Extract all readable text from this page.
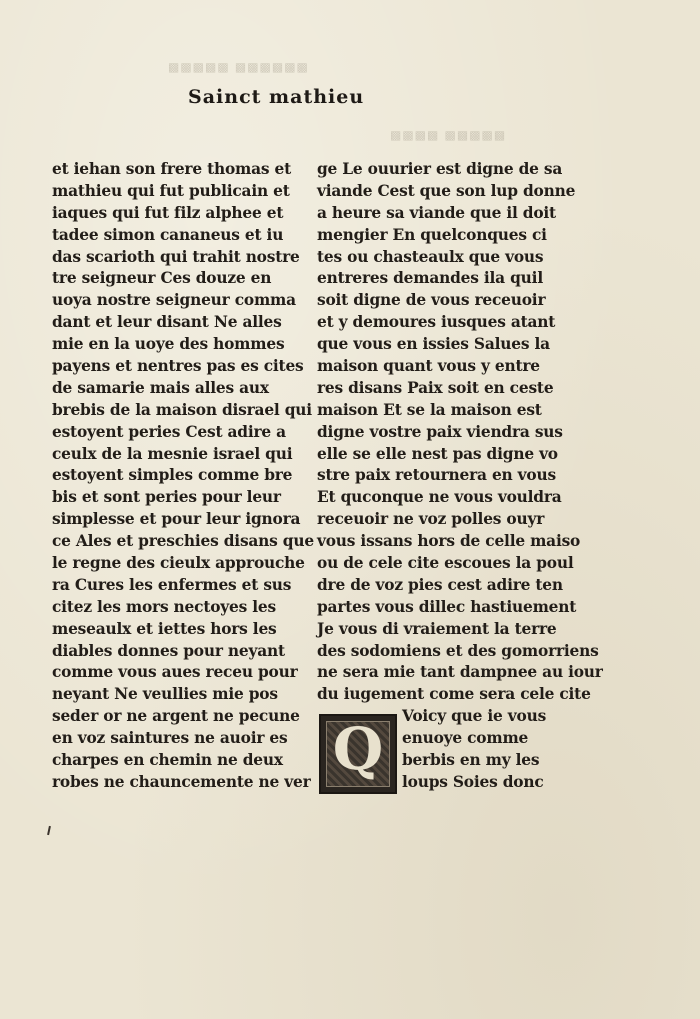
▩▩▩▩▩ ▩▩▩▩▩▩
▩▩▩▩ ▩▩▩▩▩
Sainct mathieu
et iehan son frere thomas et
mathieu qui fut publicain et
iaques qui fut filz alphee et
tadee simon cananeus et iu
das scarioth qui trahit nostre
tre seigneur Ces douze en
uoya nostre seigneur comma
dant et leur disant Ne alles
mie en la uoye des hommes
payens et nentres pas es cites
de samarie mais alles aux
brebis de la maison disrael qui
estoyent peries Cest adire a
ceulx de la mesnie israel qui
estoyent simples comme bre
bis et sont peries pour leur
simplesse et pour leur ignora
ce Ales et preschies disans que
le regne des cieulx approuche
ra Cures les enfermes et sus
citez les mors nectoyes les
meseaulx et iettes hors les
diables donnes pour neyant
comme vous aues receu pour
neyant Ne veullies mie pos
seder or ne argent ne pecune
en voz saintures ne auoir es
charpes en chemin ne deux
robes ne chauncemente ne ver
ge Le ouurier est digne de sa
viande Cest que son lup donne
a heure sa viande que il doit
mengier En quelconques ci
tes ou chasteaulx que vous
entreres demandes ila quil
soit digne de vous receuoir
et y demoures iusques atant
que vous en issies Salues la
maison quant vous y entre
res disans Paix soit en ceste
maison Et se la maison est
digne vostre paix viendra sus
elle se elle nest pas digne vo
stre paix retournera en vous
Et quconque ne vous vouldra
receuoir ne voz polles ouyr
vous issans hors de celle maiso
ou de cele cite escoues la poul
dre de voz pies cest adire ten
partes vous dillec hastiuement
Je vous di vraiement la terre
des sodomiens et des gomorriens
ne sera mie tant dampnee au iour
du iugement come sera cele cite
Voicy que ie vous
enuoye comme
berbis en my les
loups Soies donc
Q
